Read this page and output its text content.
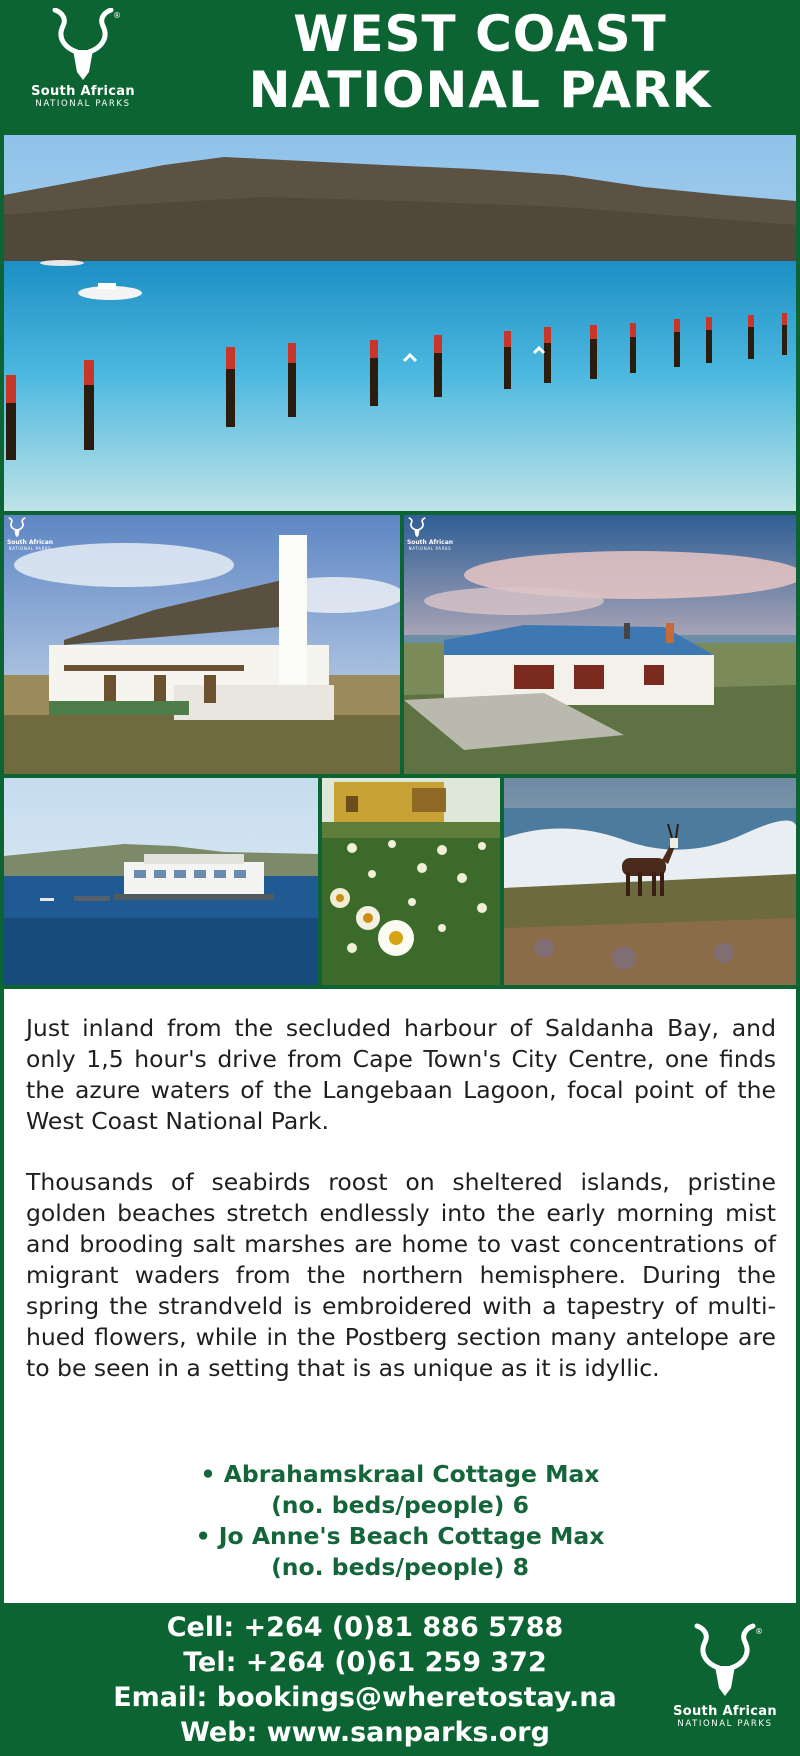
®
South African
NATIONAL PARKS
WEST COAST
NATIONAL PARK
South African
NATIONAL PARKS
South African
NATIONAL PARKS

Just inland from the secluded harbour of Saldanha Bay, and only 1,5 hour's drive from Cape Town's City Centre, one finds the azure waters of the Langebaan Lagoon, focal point of the West Coast National Park.

Thousands of seabirds roost on sheltered islands, pristine golden beaches stretch endlessly into the early morning mist and brooding salt marshes are home to vast concentrations of migrant waders from the northern hemisphere. During the spring the strandveld is embroidered with a tapestry of multi-hued flowers, while in the Postberg section many antelope are to be seen in a setting that is as unique as it is idyllic.

• Abrahamskraal Cottage Max
(no. beds/people) 6
• Jo Anne's Beach Cottage Max
(no. beds/people) 8
Cell: +264 (0)81 886 5788
Tel: +264 (0)61 259 372
Email: bookings@wheretostay.na
Web: www.sanparks.org
®
South African
NATIONAL PARKS
